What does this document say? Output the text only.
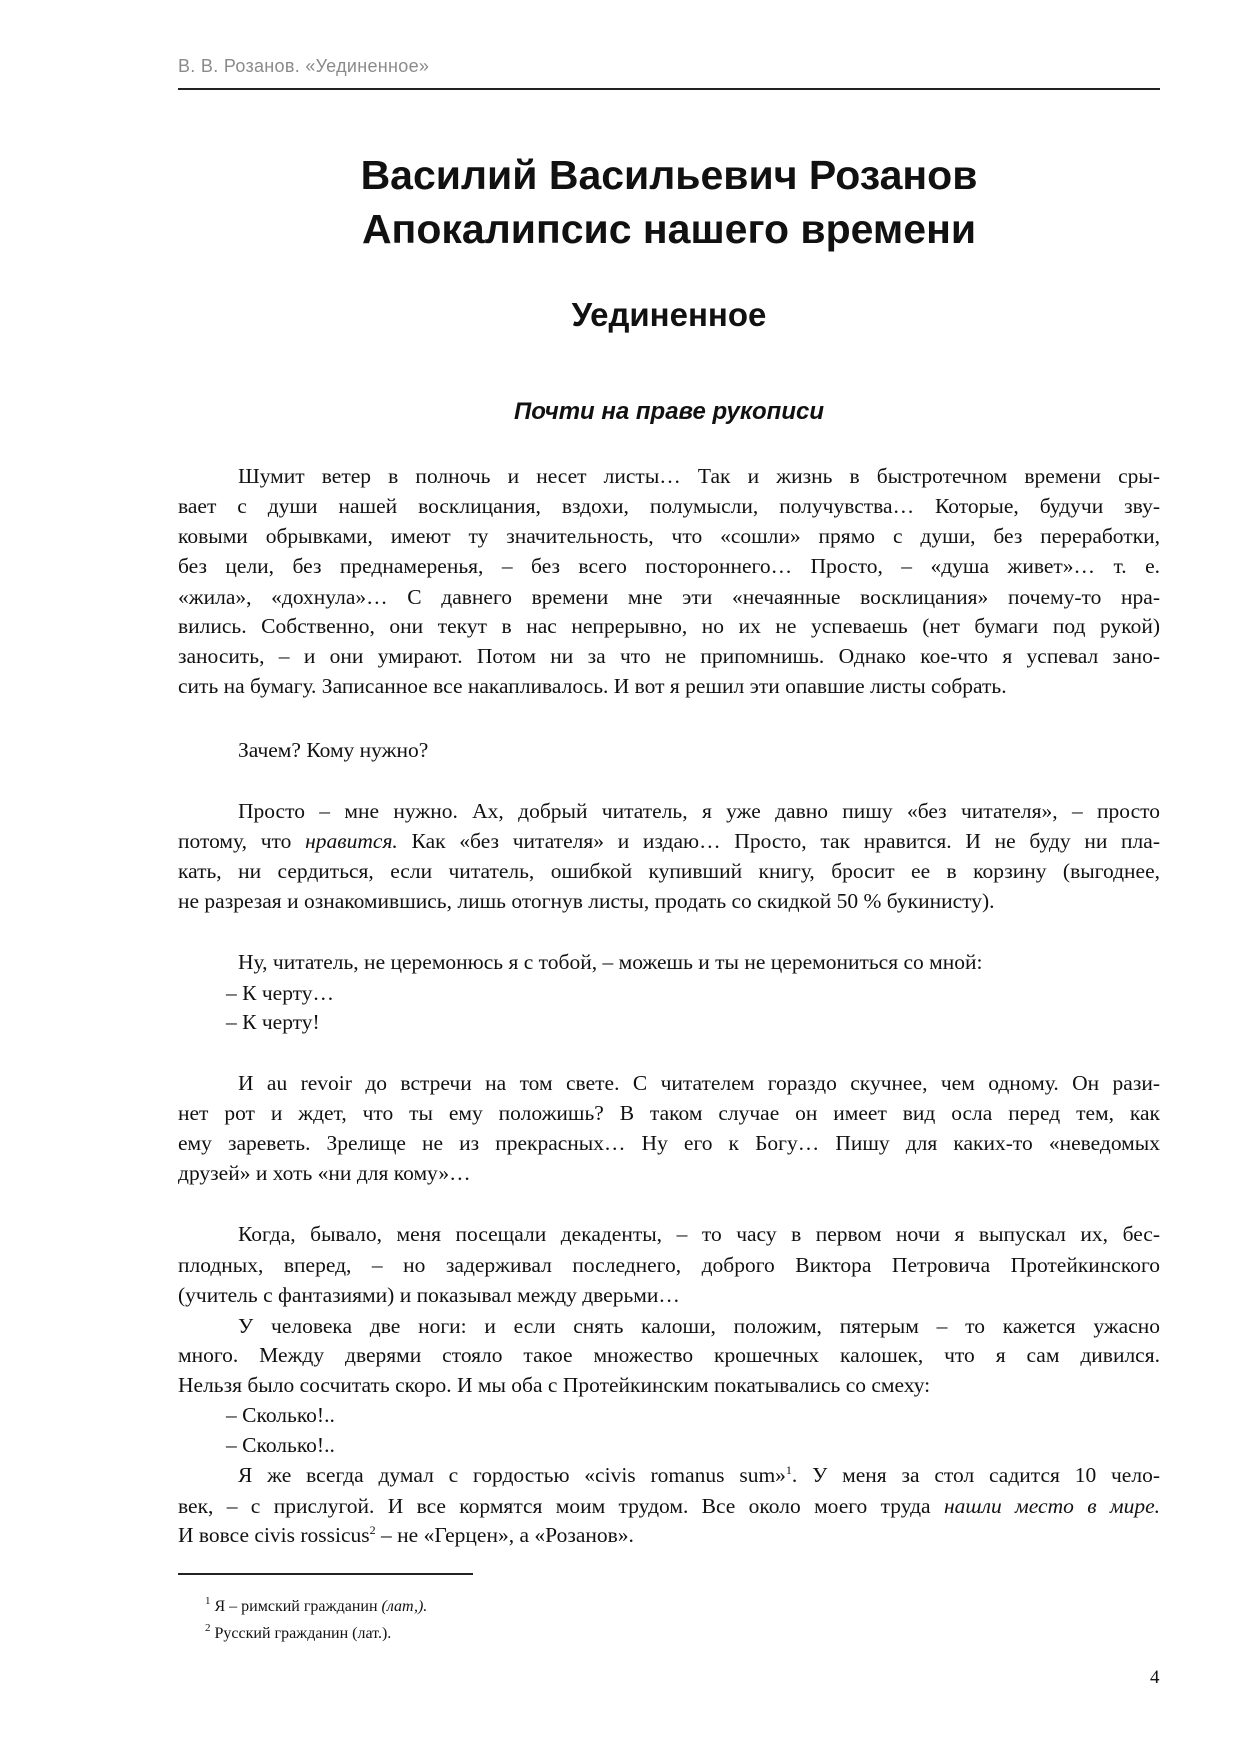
В. В. Розанов. «Уединенное»
Василий Васильевич Розанов
Апокалипсис нашего времени
Уединенное
Почти на праве рукописи
Шумит ветер в полночь и несет листы… Так и жизнь в быстротечном времени сры-
вает с души нашей восклицания, вздохи, полумысли, получувства… Которые, будучи зву-
ковыми обрывками, имеют ту значительность, что «сошли» прямо с души, без переработки,
без цели, без преднамеренья, – без всего постороннего… Просто, – «душа живет»… т. е.
«жила», «дохнула»… С давнего времени мне эти «нечаянные восклицания» почему-то нра-
вились. Собственно, они текут в нас непрерывно, но их не успеваешь (нет бумаги под рукой)
заносить, – и они умирают. Потом ни за что не припомнишь. Однако кое-что я успевал зано-
сить на бумагу. Записанное все накапливалось. И вот я решил эти опавшие листы собрать.
Зачем? Кому нужно?
Просто – мне нужно. Ах, добрый читатель, я уже давно пишу «без читателя», – просто
потому, что нравится. Как «без читателя» и издаю… Просто, так нравится. И не буду ни пла-
кать, ни сердиться, если читатель, ошибкой купивший книгу, бросит ее в корзину (выгоднее,
не разрезая и ознакомившись, лишь отогнув листы, продать со скидкой 50 % букинисту).
Ну, читатель, не церемонюсь я с тобой, – можешь и ты не церемониться со мной:
– К черту…
– К черту!
И au revoir до встречи на том свете. С читателем гораздо скучнее, чем одному. Он рази-
нет рот и ждет, что ты ему положишь? В таком случае он имеет вид осла перед тем, как
ему зареветь. Зрелище не из прекрасных… Ну его к Богу… Пишу для каких-то «неведомых
друзей» и хоть «ни для кому»…
Когда, бывало, меня посещали декаденты, – то часу в первом ночи я выпускал их, бес-
плодных, вперед, – но задерживал последнего, доброго Виктора Петровича Протейкинского
(учитель с фантазиями) и показывал между дверьми…
У человека две ноги: и если снять калоши, положим, пятерым – то кажется ужасно
много. Между дверями стояло такое множество крошечных калошек, что я сам дивился.
Нельзя было сосчитать скоро. И мы оба с Протейкинским покатывались со смеху:
– Сколько!..
– Сколько!..
Я же всегда думал с гордостью «civis romanus sum»$^1$. У меня за стол садится 10 чело-
век, – с прислугой. И все кормятся моим трудом. Все около моего труда нашли место в мире.
И вовсе civis rossicus$^2$ – не «Герцен», а «Розанов».
$^1$ Я – римский гражданин (лат,).
$^2$ Русский гражданин (лат.).
4
